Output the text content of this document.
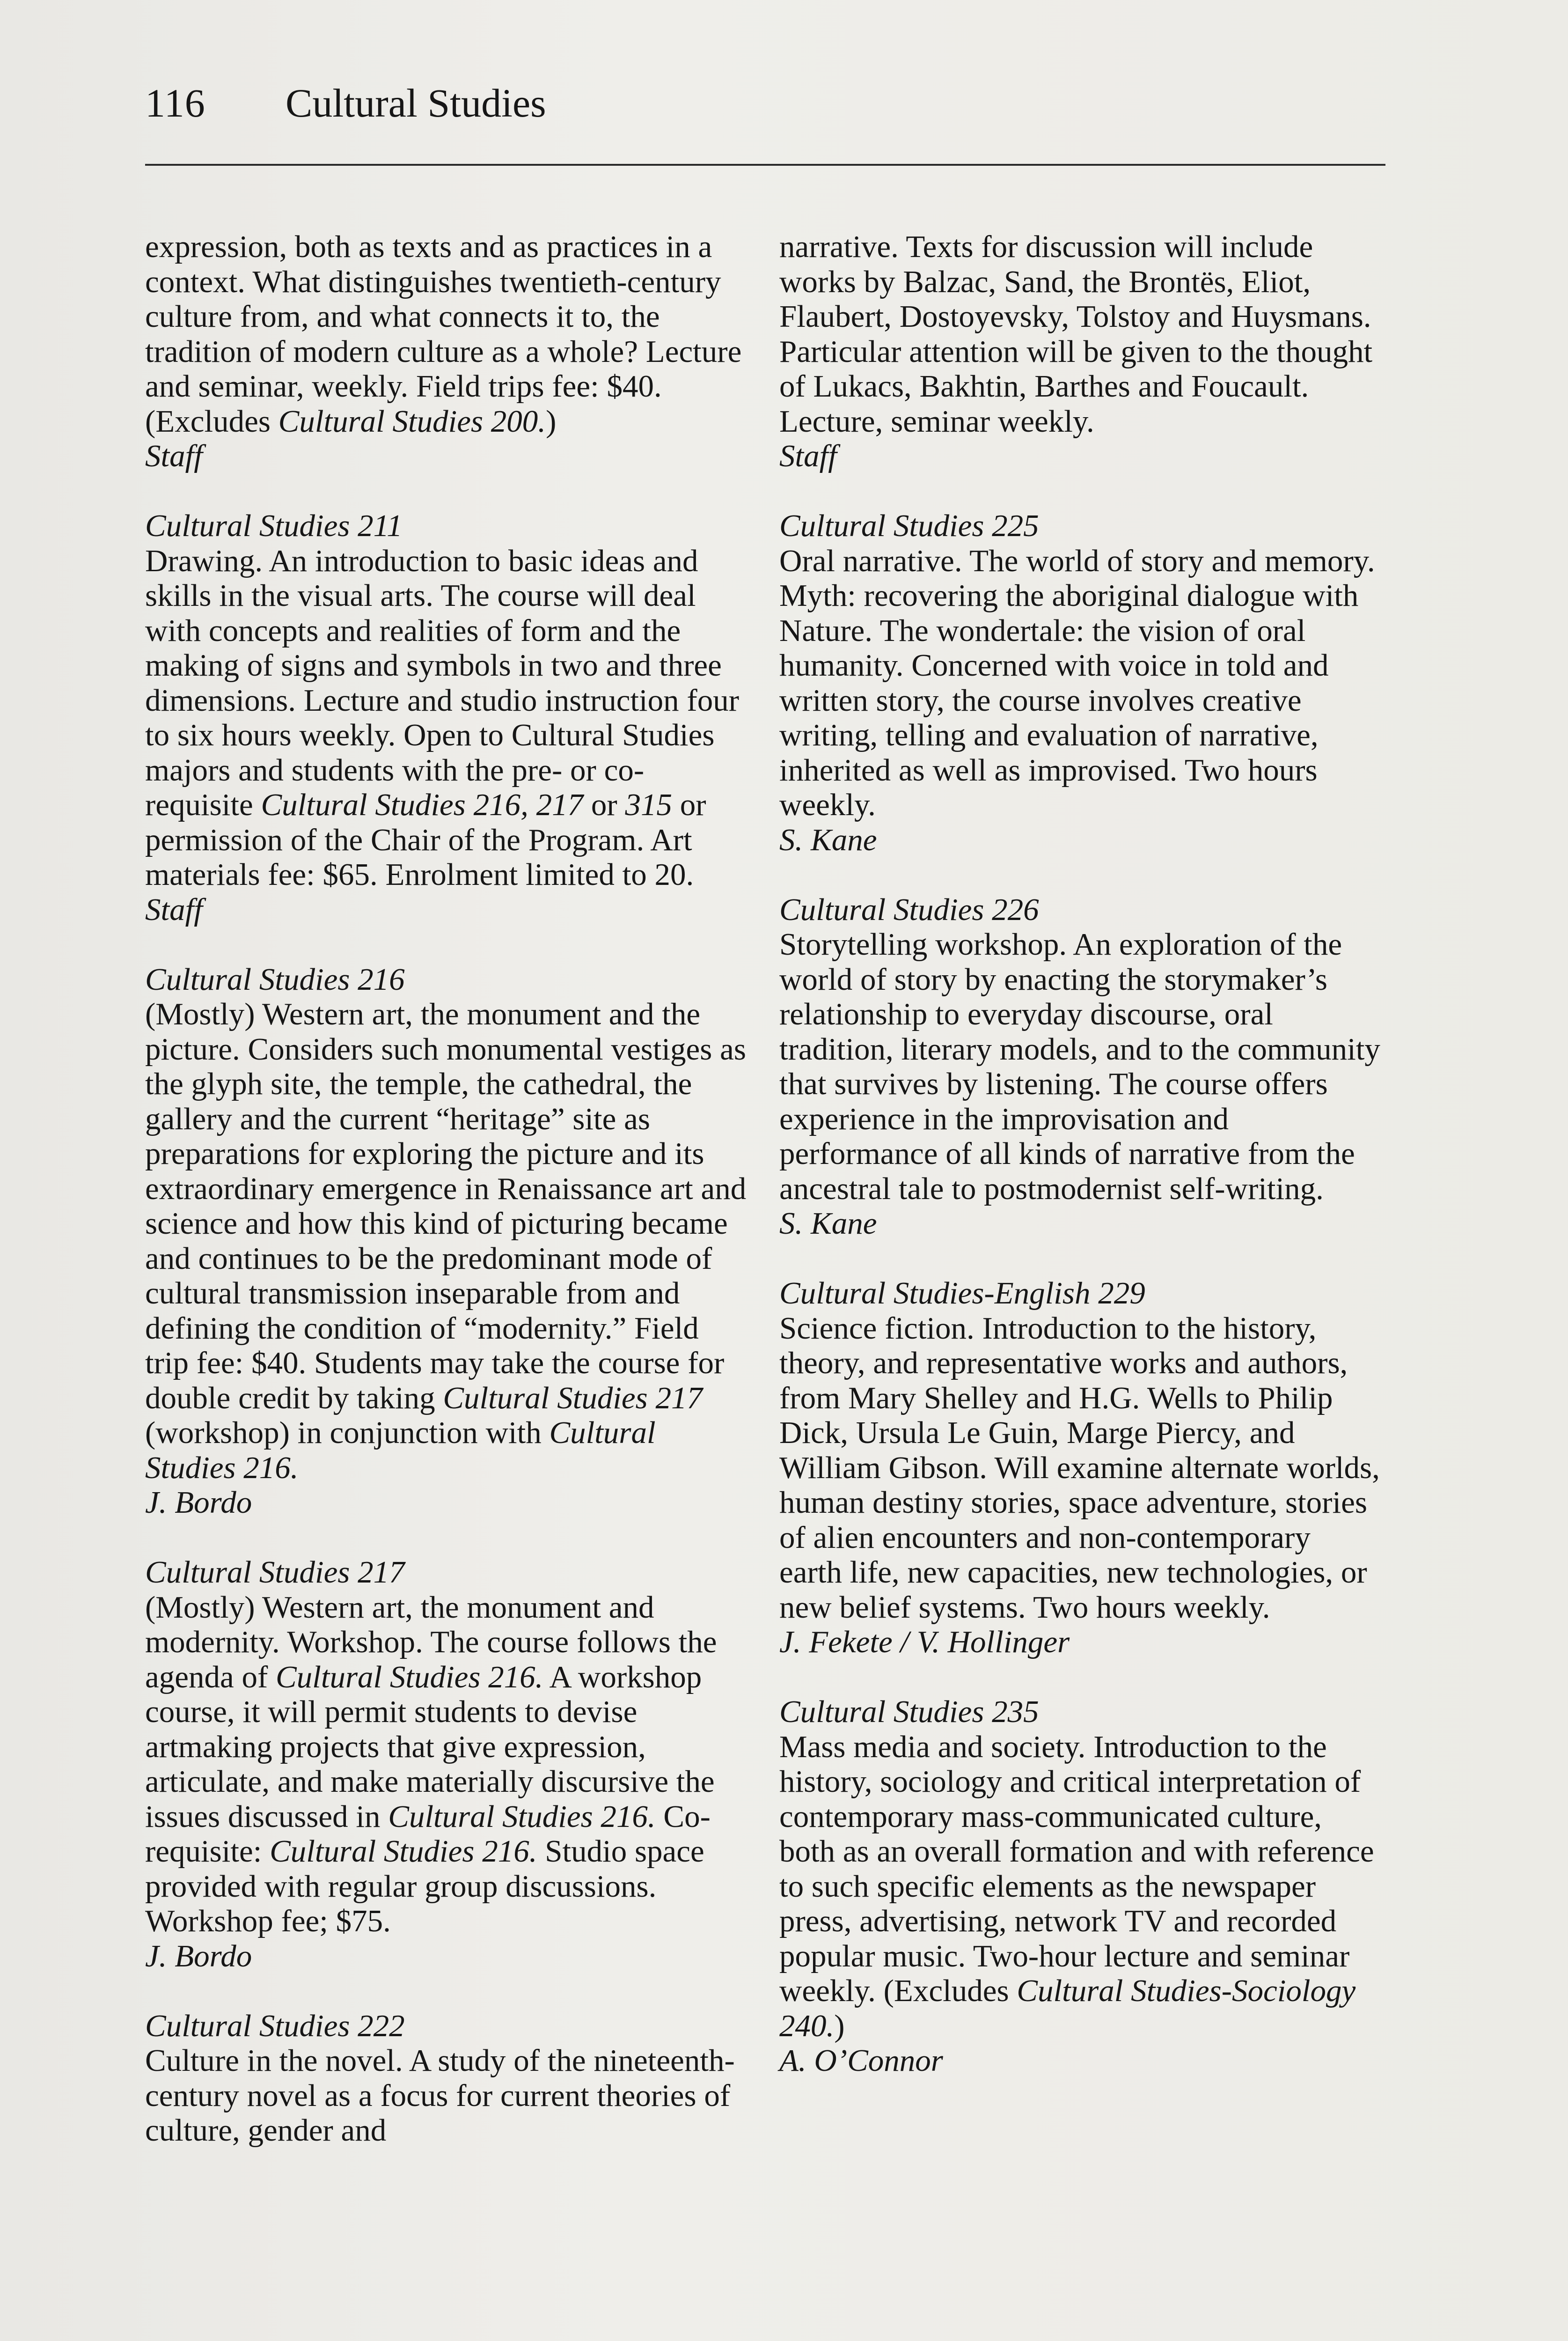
116 Cultural Studies

expression, both as texts and as practices in a context. What distinguishes twentieth-century culture from, and what connects it to, the tradition of modern culture as a whole? Lecture and seminar, weekly. Field trips fee: $40. (Excludes Cultural Studies 200.)

Staff

Cultural Studies 211

Drawing. An introduction to basic ideas and skills in the visual arts. The course will deal with concepts and realities of form and the making of signs and symbols in two and three dimensions. Lecture and studio instruction four to six hours weekly. Open to Cultural Studies majors and students with the pre- or co-requisite Cultural Studies 216, 217 or 315 or permission of the Chair of the Program. Art materials fee: $65. Enrolment limited to 20.

Staff

Cultural Studies 216

(Mostly) Western art, the monument and the picture. Considers such monumental vestiges as the glyph site, the temple, the cathedral, the gallery and the current “heritage” site as preparations for exploring the picture and its extraordinary emergence in Renaissance art and science and how this kind of picturing became and continues to be the predominant mode of cultural transmission inseparable from and defining the condition of “modernity.” Field trip fee: $40. Students may take the course for double credit by taking Cultural Studies 217 (workshop) in conjunction with Cultural Studies 216.

J. Bordo

Cultural Studies 217

(Mostly) Western art, the monument and modernity. Workshop. The course follows the agenda of Cultural Studies 216. A workshop course, it will permit students to devise artmaking projects that give expression, articulate, and make materially discursive the issues discussed in Cultural Studies 216. Co-requisite: Cultural Studies 216. Studio space provided with regular group discussions. Workshop fee; $75.

J. Bordo

Cultural Studies 222

Culture in the novel. A study of the nineteenth-century novel as a focus for current theories of culture, gender and

narrative. Texts for discussion will include works by Balzac, Sand, the Brontës, Eliot, Flaubert, Dostoyevsky, Tolstoy and Huysmans. Particular attention will be given to the thought of Lukacs, Bakhtin, Barthes and Foucault. Lecture, seminar weekly.

Staff

Cultural Studies 225

Oral narrative. The world of story and memory. Myth: recovering the aboriginal dialogue with Nature. The wondertale: the vision of oral humanity. Concerned with voice in told and written story, the course involves creative writing, telling and evaluation of narrative, inherited as well as improvised. Two hours weekly.

S. Kane

Cultural Studies 226

Storytelling workshop. An exploration of the world of story by enacting the storymaker’s relationship to everyday discourse, oral tradition, literary models, and to the community that survives by listening. The course offers experience in the improvisation and performance of all kinds of narrative from the ancestral tale to postmodernist self-writing.

S. Kane

Cultural Studies-English 229

Science fiction. Introduction to the history, theory, and representative works and authors, from Mary Shelley and H.G. Wells to Philip Dick, Ursula Le Guin, Marge Piercy, and William Gibson. Will examine alternate worlds, human destiny stories, space adventure, stories of alien encounters and non-contemporary earth life, new capacities, new technologies, or new belief systems. Two hours weekly.

J. Fekete / V. Hollinger

Cultural Studies 235

Mass media and society. Introduction to the history, sociology and critical interpretation of contemporary mass-communicated culture, both as an overall formation and with reference to such specific elements as the newspaper press, advertising, network TV and recorded popular music. Two-hour lecture and seminar weekly. (Excludes Cultural Studies-Sociology 240.)

A. O’Connor
